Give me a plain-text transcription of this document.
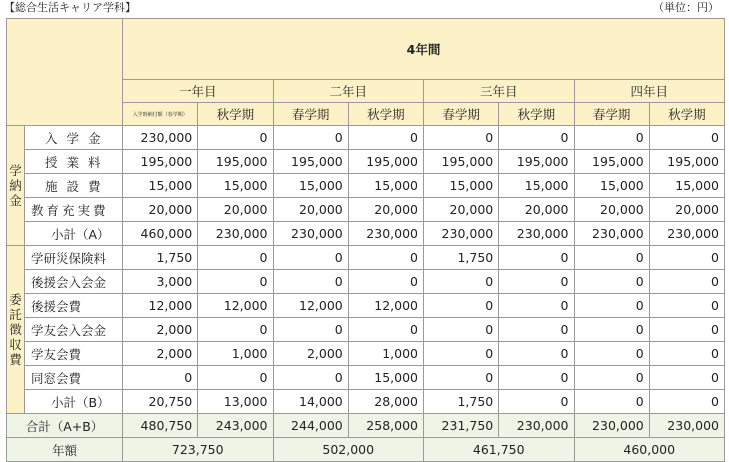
【総合生活キャリア学科】	（単位：円）
		4年間							
		一年目		二年目		三年目		四年目	
		入学時納付額（春学期）	秋学期	春学期	秋学期	春学期	秋学期	春学期	秋学期

学
納
金	入学金	230,000	0	0	0	0	0	0	0
	授業料	195,000	195,000	195,000	195,000	195,000	195,000	195,000	195,000
	施設費	15,000	15,000	15,000	15,000	15,000	15,000	15,000	15,000
	教育充実費	20,000	20,000	20,000	20,000	20,000	20,000	20,000	20,000
	小計（A）	460,000	230,000	230,000	230,000	230,000	230,000	230,000	230,000

委
託
徴
収
費	学研災保険料	1,750	0	0	0	1,750	0	0	0
	後援会入会金	3,000	0	0	0	0	0	0	0
	後援会費	12,000	12,000	12,000	12,000	0	0	0	0
	学友会入会金	2,000	0	0	0	0	0	0	0
	学友会費	2,000	1,000	2,000	1,000	0	0	0	0
	同窓会費	0	0	0	15,000	0	0	0	0
	小計（B）	20,750	13,000	14,000	28,000	1,750	0	0	0
合計（A+B）		480,750	243,000	244,000	258,000	231,750	230,000	230,000	230,000
年額		723,750		502,000		461,750		460,000	
